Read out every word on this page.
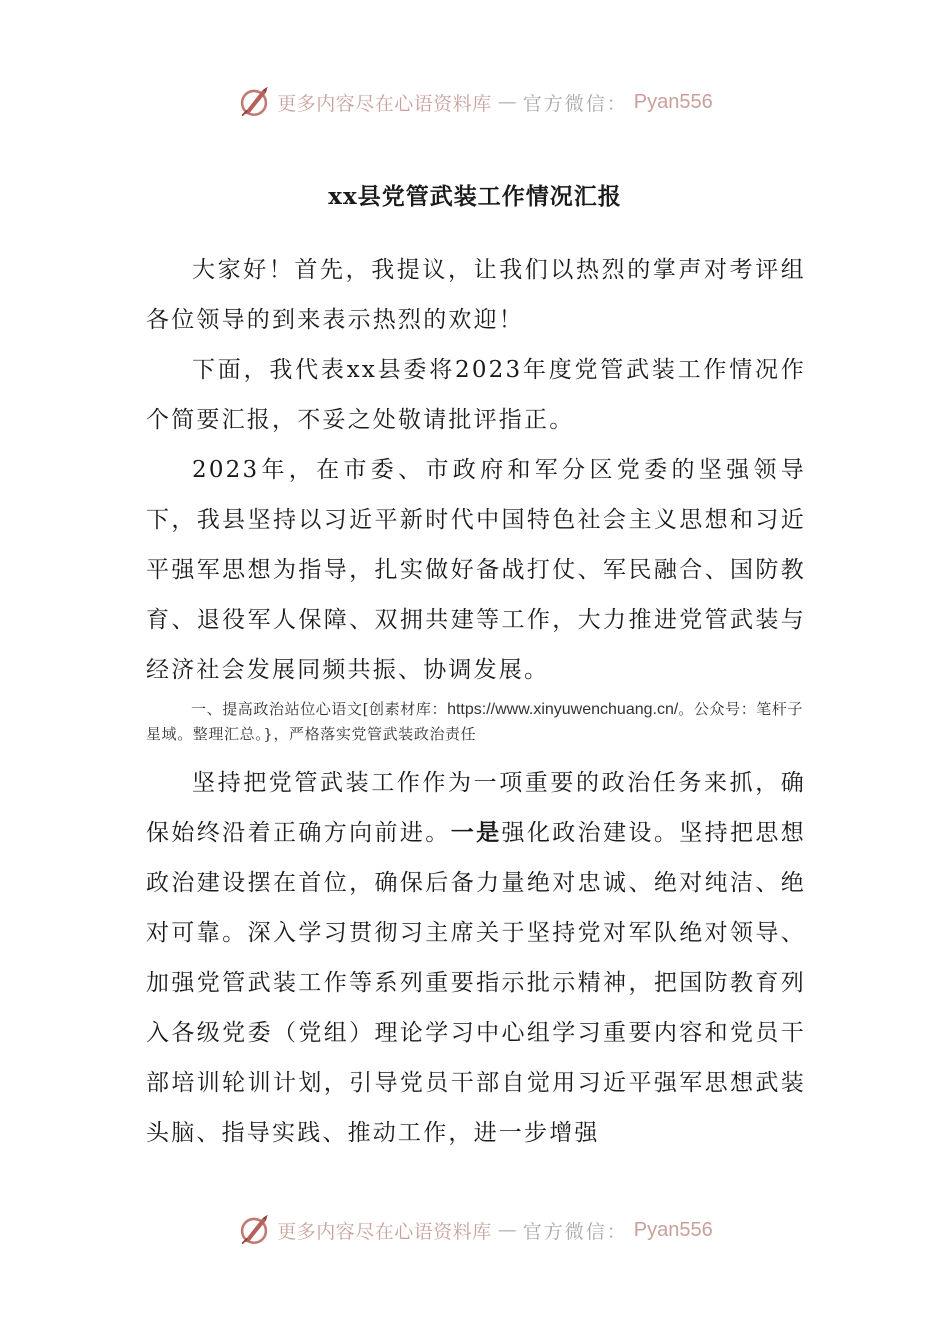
更多内容尽在心语资料库 — 官方微信： Pyan556
xx县党管武装工作情况汇报

大家好！首先，我提议，让我们以热烈的掌声对考评组各位领导的到来表示热烈的欢迎！

下面，我代表xx县委将2023年度党管武装工作情况作个简要汇报，不妥之处敬请批评指正。

2023年，在市委、市政府和军分区党委的坚强领导下，我县坚持以习近平新时代中国特色社会主义思想和习近平强军思想为指导，扎实做好备战打仗、军民融合、国防教育、退役军人保障、双拥共建等工作，大力推进党管武装与经济社会发展同频共振、协调发展。

一、提高政治站位心语文[创素材库：https://www.xinyuwenchuang.cn/。公众号：笔杆子星域。整理汇总。}，严格落实党管武装政治责任

坚持把党管武装工作作为一项重要的政治任务来抓，确保始终沿着正确方向前进。一是强化政治建设。坚持把思想政治建设摆在首位，确保后备力量绝对忠诚、绝对纯洁、绝对可靠。深入学习贯彻习主席关于坚持党对军队绝对领导、加强党管武装工作等系列重要指示批示精神，把国防教育列入各级党委（党组）理论学习中心组学习重要内容和党员干部培训轮训计划，引导党员干部自觉用习近平强军思想武装头脑、指导实践、推动工作，进一步增强

更多内容尽在心语资料库 — 官方微信： Pyan556
